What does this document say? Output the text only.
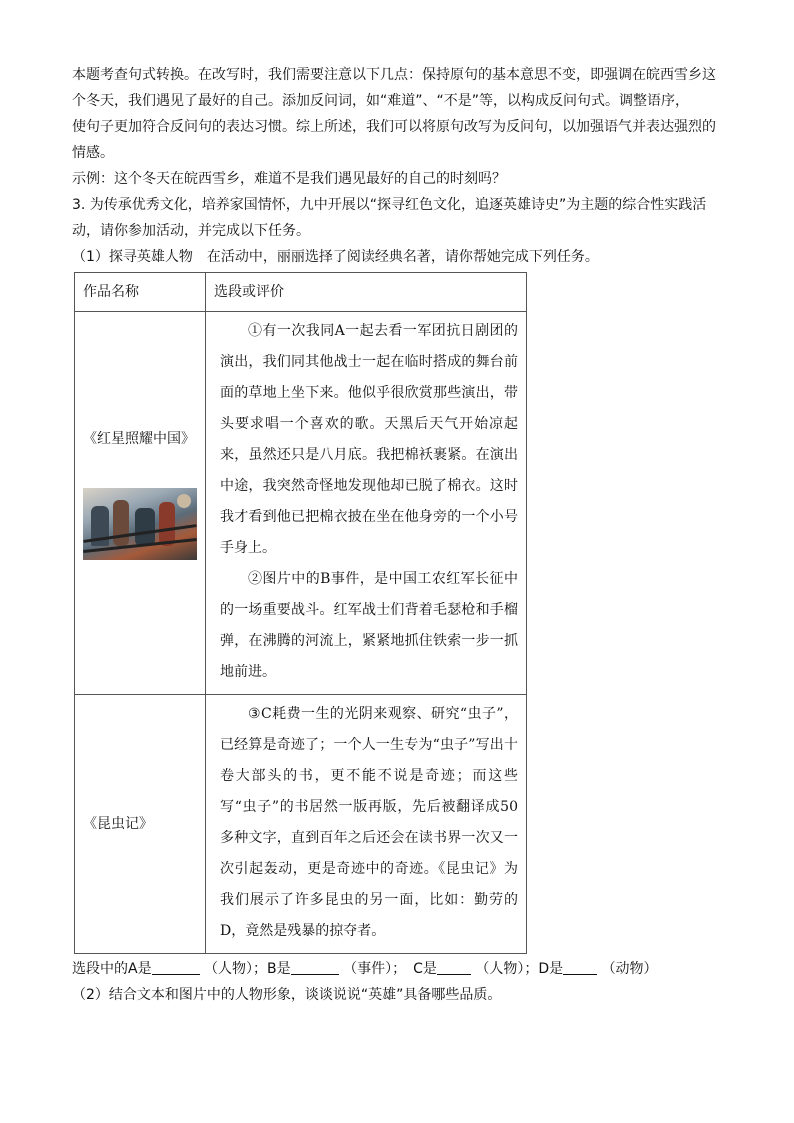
本题考查句式转换。在改写时，我们需要注意以下几点：保持原句的基本意思不变，即强调在皖西雪乡这

个冬天，我们遇见了最好的自己。添加反问词，如“难道”、“不是”等，以构成反问句式。调整语序，

使句子更加符合反问句的表达习惯。综上所述，我们可以将原句改写为反问句，以加强语气并表达强烈的

情感。

示例：这个冬天在皖西雪乡，难道不是我们遇见最好的自己的时刻吗？

3. 为传承优秀文化，培养家国情怀，九中开展以“探寻红色文化，追逐英雄诗史”为主题的综合性实践活

动，请你参加活动，并完成以下任务。

（1）探寻英雄人物　在活动中，丽丽选择了阅读经典名著，请你帮她完成下列任务。

作品名称	选段或评价

《红星照耀中国》	①有一次我同A一起去看一军团抗日剧团的演出，我们同其他战士一起在临时搭成的舞台前面的草地上坐下来。他似乎很欣赏那些演出，带头要求唱一个喜欢的歌。天黑后天气开始凉起来，虽然还只是八月底。我把棉袄裹紧。在演出中途，我突然奇怪地发现他却已脱了棉衣。这时我才看到他已把棉衣披在坐在他身旁的一个小号手身上。

②图片中的B事件，是中国工农红军长征中的一场重要战斗。红军战士们背着毛瑟枪和手榴弹，在沸腾的河流上，紧紧地抓住铁索一步一抓地前进。

《昆虫记》	③C耗费一生的光阴来观察、研究“虫子”，已经算是奇迹了；一个人一生专为“虫子”写出十卷大部头的书，更不能不说是奇迹；而这些写“虫子”的书居然一版再版，先后被翻译成50多种文字，直到百年之后还会在读书界一次又一次引起轰动，更是奇迹中的奇迹。《昆虫记》为我们展示了许多昆虫的另一面，比如：勤劳的D，竟然是残暴的掠夺者。

选段中的A是	（人物）；B是	（事件）；　C是	（人物）；D是	（动物）

（2）结合文本和图片中的人物形象，谈谈说说“英雄”具备哪些品质。
